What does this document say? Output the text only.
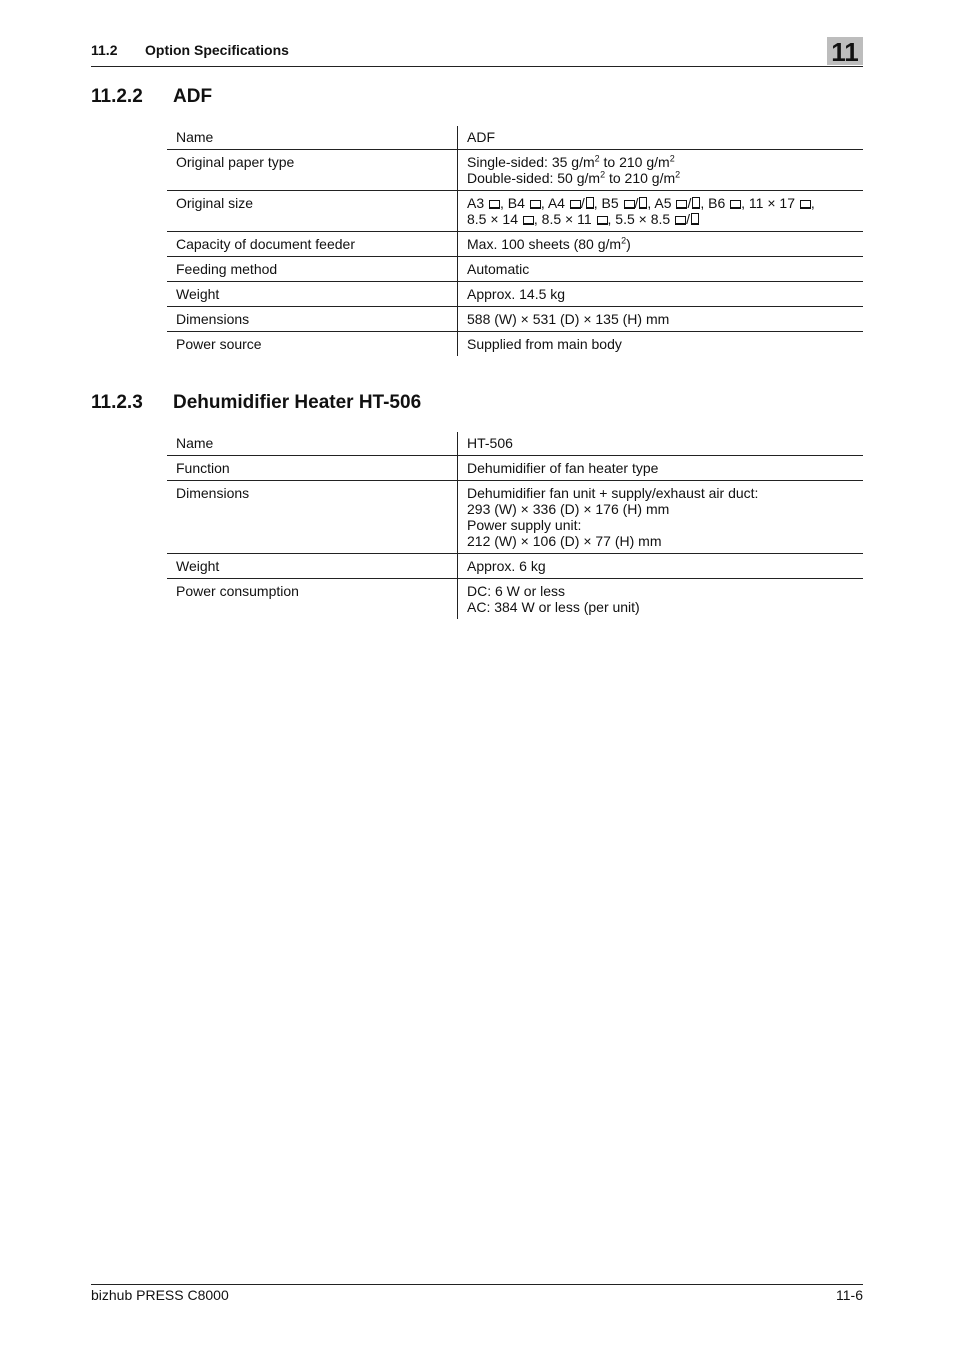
11.2 Option Specifications	11
11.2.2 ADF
Name	ADF
Original paper type	Single-sided: 35 $g/m^2$ to 210 $g/m^2$
Double-sided: 50 $g/m^2$ to 210 $g/m^2$

Original size	A3 , B4 , A4 / , B5 / , A5 / , B6 , 11 × 17 ,
8.5 × 14 , 8.5 × 11 , 5.5 × 8.5 /

Capacity of document feeder	Max. 100 sheets (80 $g/m^2$)
Feeding method	Automatic
Weight	Approx. 14.5 kg
Dimensions	588 (W) × 531 (D) × 135 (H) mm
Power source	Supplied from main body
11.2.3 Dehumidifier Heater HT-506
Name	HT-506
Function	Dehumidifier of fan heater type
Dimensions	Dehumidifier fan unit + supply/exhaust air duct:
293 (W) × 336 (D) × 176 (H) mm
Power supply unit:
212 (W) × 106 (D) × 77 (H) mm

Weight	Approx. 6 kg
Power consumption	DC: 6 W or less
AC: 384 W or less (per unit)
bizhub PRESS C8000	11-6
